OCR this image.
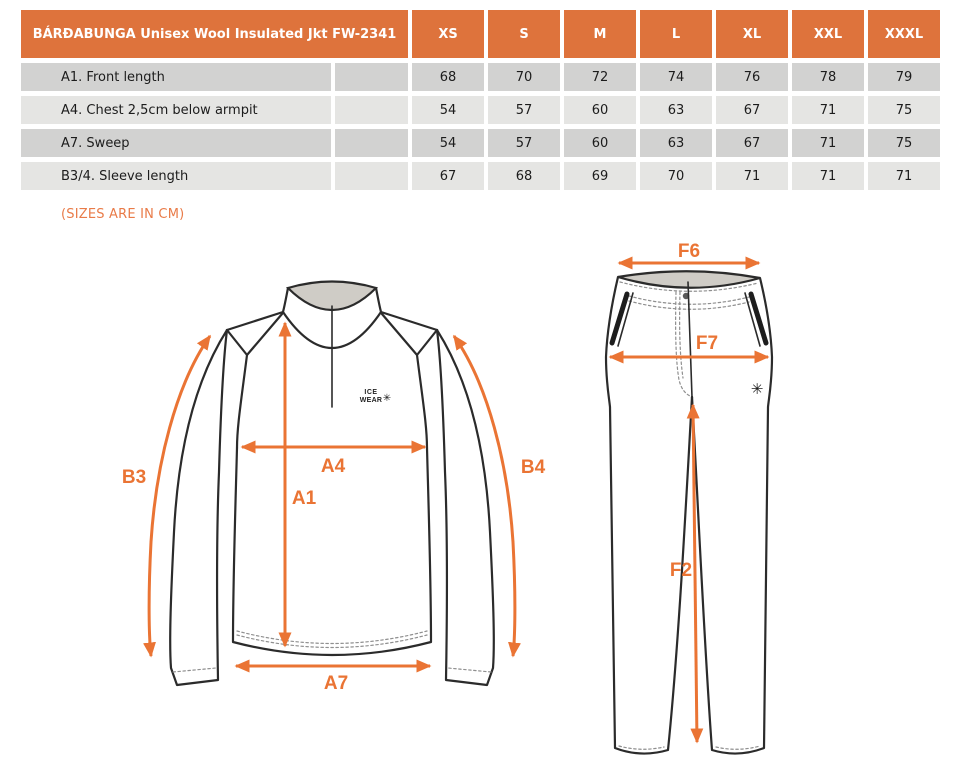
BÁRÐABUNGA Unisex Wool Insulated Jkt FW-2341		XS	S	M	L	XL	XXL	XXXL
A1. Front length		68	70	72	74	76	78	79
A4. Chest 2,5cm below armpit		54	57	60	63	67	71	75
A7. Sweep		54	57	60	63	67	71	75
B3/4. Sleeve length		67	68	69	70	71	71	71
(SIZES ARE IN CM)
ICE
WEAR ✳
B3
A4
A1
B4
A7
✳
F6
F7
F2
